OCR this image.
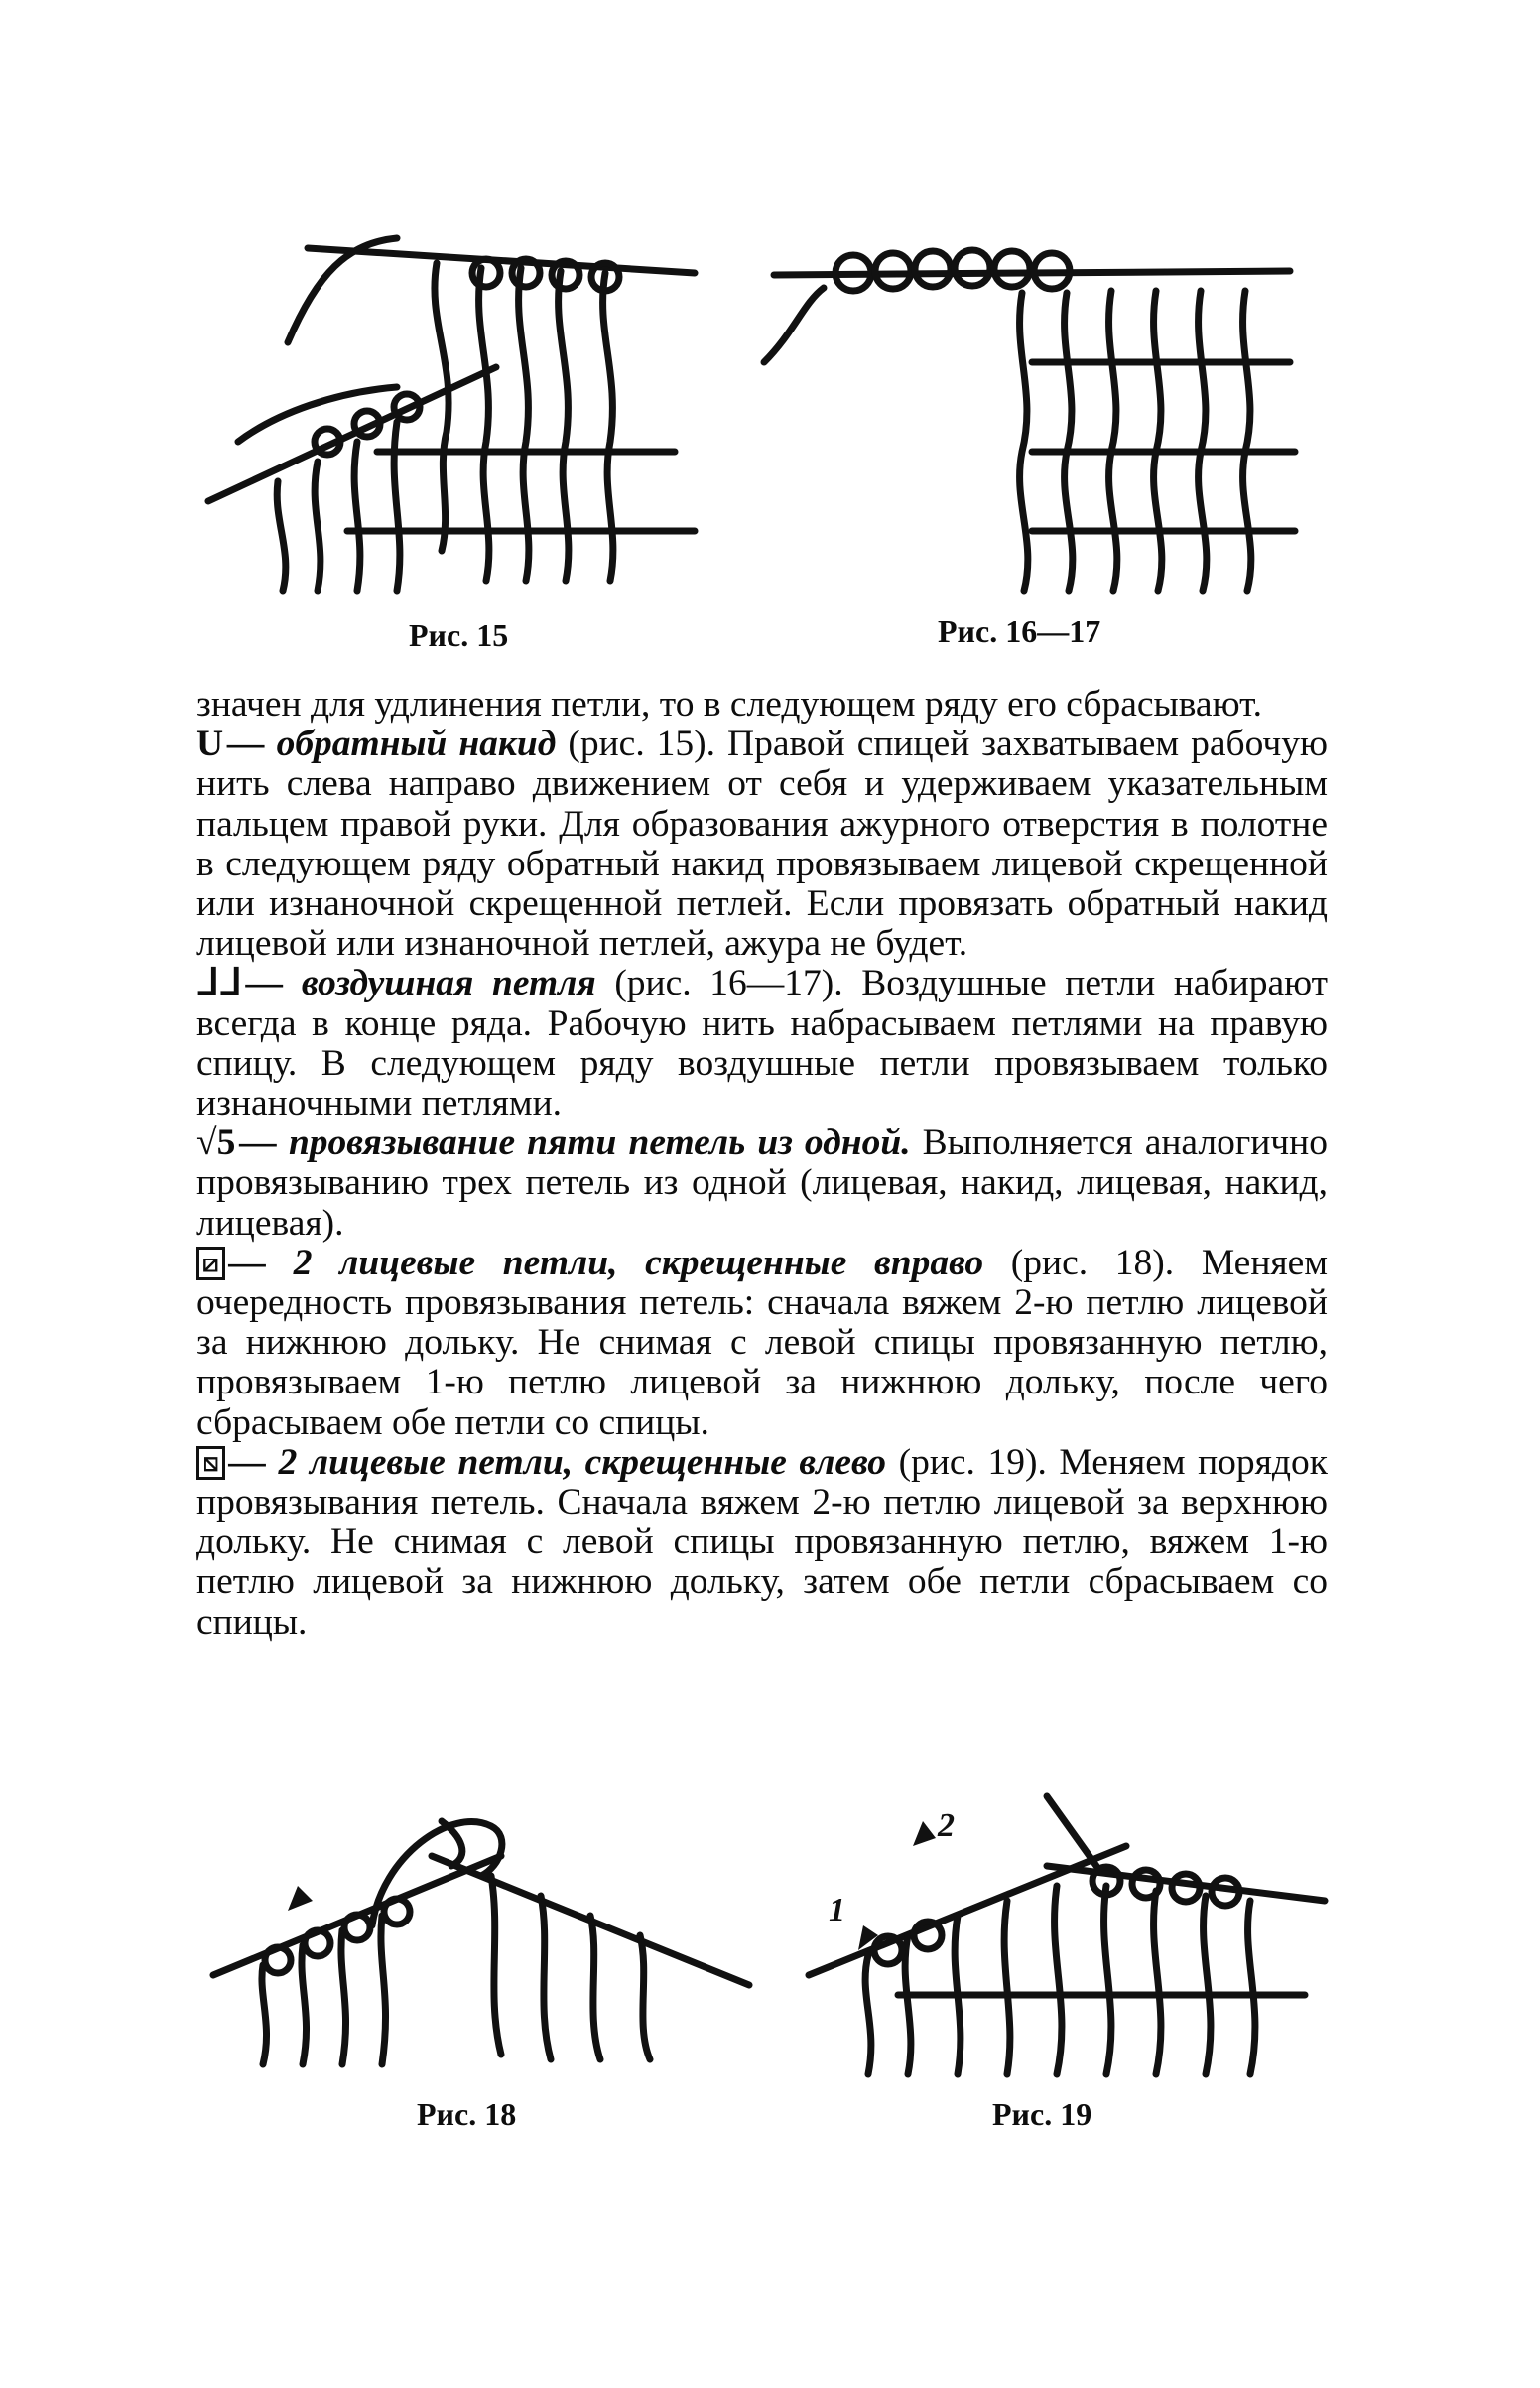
Рис. 15	Рис. 16—17

значен для удлинения петли, то в следующем ряду его сбрасывают.

U — обратный накид (рис. 15). Правой спицей захватываем рабочую нить слева направо движением от себя и удерживаем указательным пальцем правой руки. Для образования ажурного отверстия в полотне в следующем ряду обратный накид провязываем лицевой скрещенной или изнаночной скрещенной петлей. Если провязать обратный накид лицевой или изнаночной петлей, ажура не будет.

ᒧᒧ — воздушная петля (рис. 16—17). Воздушные петли набирают всегда в конце ряда. Рабочую нить набрасываем петлями на правую спицу. В следующем ряду воздушные петли провязываем только изнаночными петлями.

√5 — провязывание пяти петель из одной. Выполняется аналогично провязыванию трех петель из одной (лицевая, накид, лицевая, накид, лицевая).

⧄ — 2 лицевые петли, скрещенные вправо (рис. 18). Меняем очередность провязывания петель: сначала вяжем 2-ю петлю лицевой за нижнюю дольку. Не снимая с левой спицы провязанную петлю, провязываем 1-ю петлю лицевой за нижнюю дольку, после чего сбрасываем обе петли со спицы.

⧅ — 2 лицевые петли, скрещенные влево (рис. 19). Меняем порядок провязывания петель. Сначала вяжем 2-ю петлю лицевой за верхнюю дольку. Не снимая с левой спицы провязанную петлю, вяжем 1-ю петлю лицевой за нижнюю дольку, затем обе петли сбрасываем со спицы.

Рис. 18
1
2
Рис. 19
